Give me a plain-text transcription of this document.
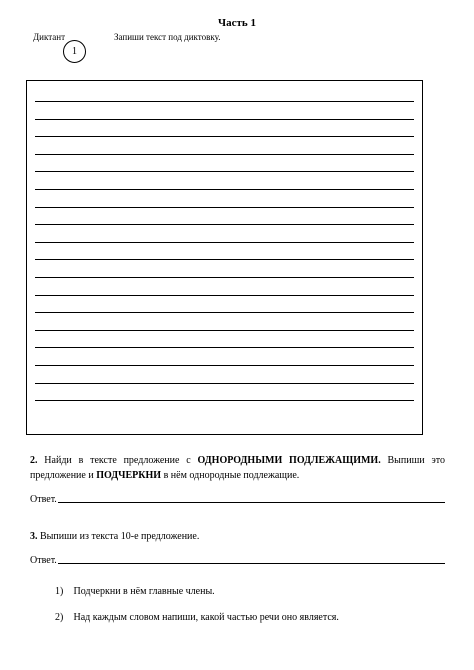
Часть 1
Диктант
1
Запиши текст под диктовку.
2. Найди в тексте предложение с ОДНОРОДНЫМИ ПОДЛЕЖАЩИМИ. Выпиши это предложение и ПОДЧЕРКНИ в нём однородные подлежащие.
Ответ.
3. Выпиши из текста 10-е предложение.
Ответ.
1) Подчеркни в нём главные члены.
2) Над каждым словом напиши, какой частью речи оно является.
